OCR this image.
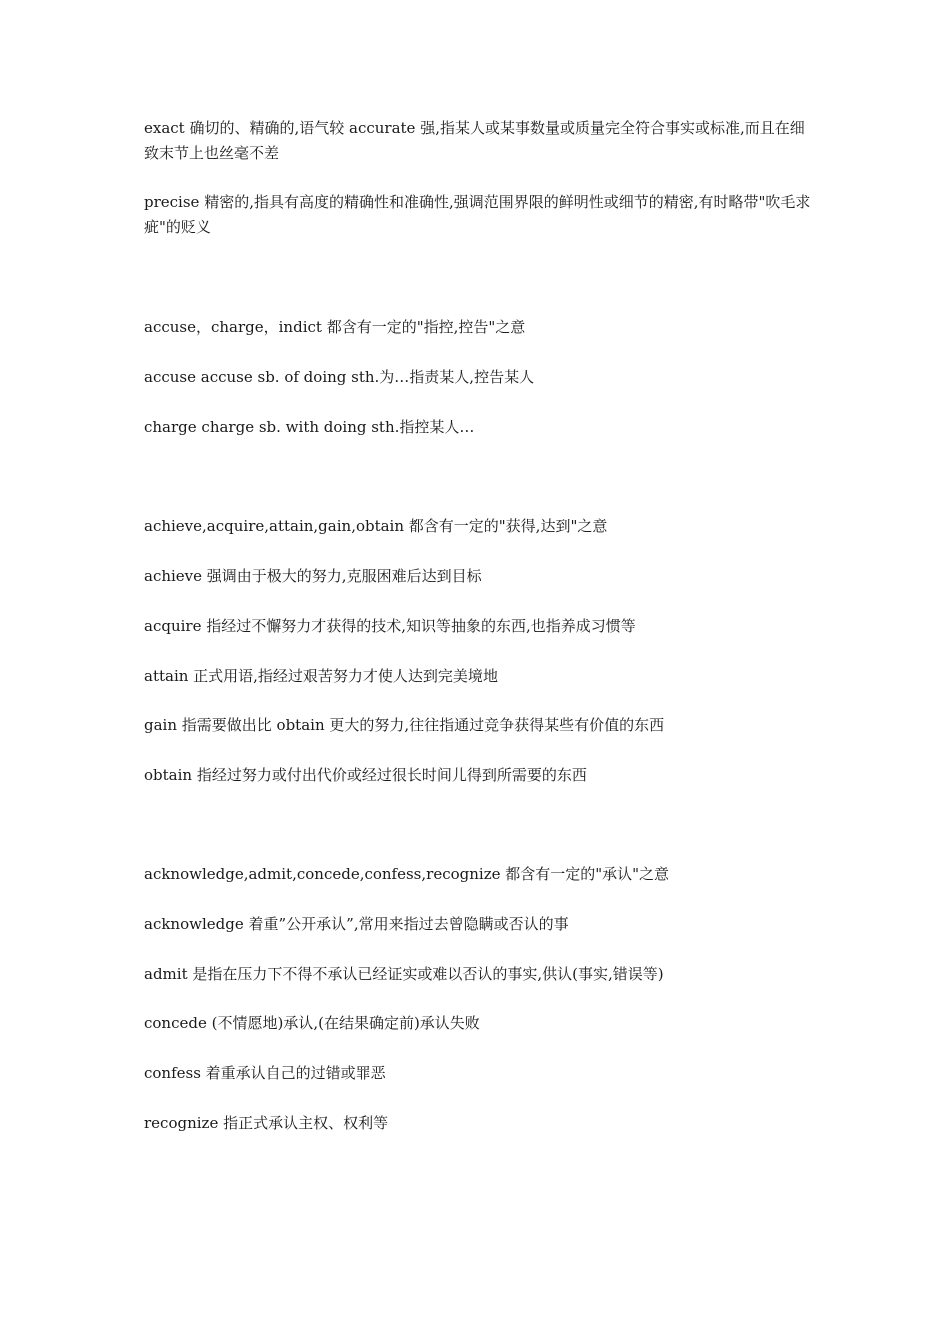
exact 确切的、精确的,语气较 accurate 强,指某人或某事数量或质量完全符合事实或标准,而且在细致末节上也丝毫不差

precise 精密的,指具有高度的精确性和准确性,强调范围界限的鲜明性或细节的精密,有时略带"吹毛求疵"的贬义

accuse，charge，indict 都含有一定的"指控,控告"之意

accuse accuse sb. of doing sth.为…指责某人,控告某人

charge charge sb. with doing sth.指控某人…

achieve,acquire,attain,gain,obtain 都含有一定的"获得,达到"之意

achieve 强调由于极大的努力,克服困难后达到目标

acquire 指经过不懈努力才获得的技术,知识等抽象的东西,也指养成习惯等

attain 正式用语,指经过艰苦努力才使人达到完美境地

gain 指需要做出比 obtain 更大的努力,往往指通过竞争获得某些有价值的东西

obtain 指经过努力或付出代价或经过很长时间儿得到所需要的东西

acknowledge,admit,concede,confess,recognize 都含有一定的"承认"之意

acknowledge 着重”公开承认”,常用来指过去曾隐瞒或否认的事

admit 是指在压力下不得不承认已经证实或难以否认的事实,供认(事实,错误等)

concede (不情愿地)承认,(在结果确定前)承认失败

confess 着重承认自己的过错或罪恶

recognize 指正式承认主权、权利等
